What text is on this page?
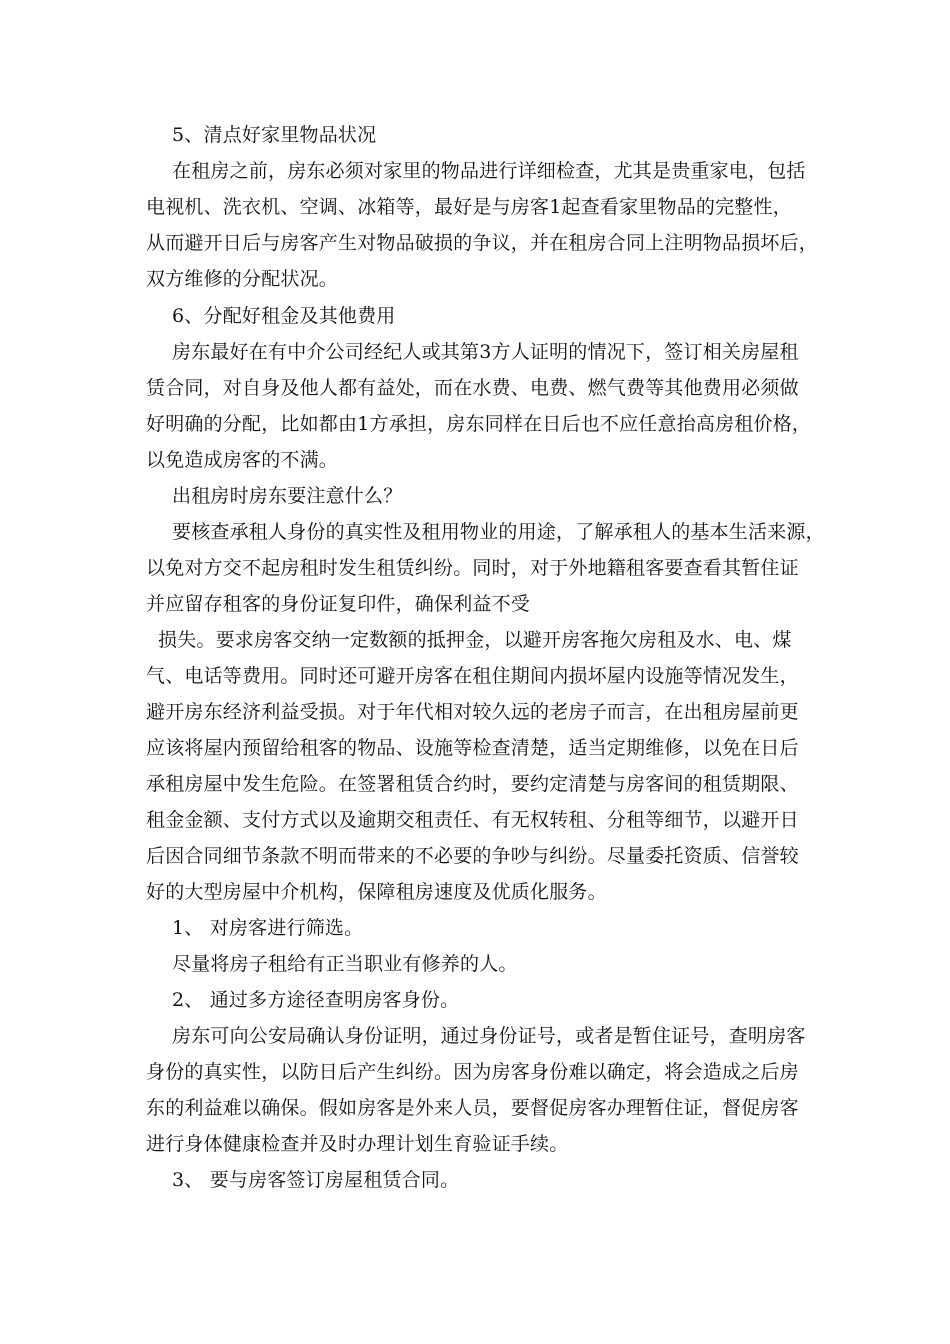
5、清点好家里物品状况
在租房之前，房东必须对家里的物品进行详细检查，尤其是贵重家电，包括
电视机、洗衣机、空调、冰箱等，最好是与房客1起查看家里物品的完整性，
从而避开日后与房客产生对物品破损的争议，并在租房合同上注明物品损坏后，
双方维修的分配状况。
6、分配好租金及其他费用
房东最好在有中介公司经纪人或其第3方人证明的情况下，签订相关房屋租
赁合同，对自身及他人都有益处，而在水费、电费、燃气费等其他费用必须做
好明确的分配，比如都由1方承担，房东同样在日后也不应任意抬高房租价格，
以免造成房客的不满。
出租房时房东要注意什么？
要核查承租人身份的真实性及租用物业的用途，了解承租人的基本生活来源，
以免对方交不起房租时发生租赁纠纷。同时，对于外地籍租客要查看其暂住证
并应留存租客的身份证复印件，确保利益不受
损失。要求房客交纳一定数额的抵押金，以避开房客拖欠房租及水、电、煤
气、电话等费用。同时还可避开房客在租住期间内损坏屋内设施等情况发生，
避开房东经济利益受损。对于年代相对较久远的老房子而言，在出租房屋前更
应该将屋内预留给租客的物品、设施等检查清楚，适当定期维修，以免在日后
承租房屋中发生危险。在签署租赁合约时，要约定清楚与房客间的租赁期限、
租金金额、支付方式以及逾期交租责任、有无权转租、分租等细节，以避开日
后因合同细节条款不明而带来的不必要的争吵与纠纷。尽量委托资质、信誉较
好的大型房屋中介机构，保障租房速度及优质化服务。
1、 对房客进行筛选。
尽量将房子租给有正当职业有修养的人。
2、 通过多方途径查明房客身份。
房东可向公安局确认身份证明，通过身份证号，或者是暂住证号，查明房客
身份的真实性，以防日后产生纠纷。因为房客身份难以确定，将会造成之后房
东的利益难以确保。假如房客是外来人员，要督促房客办理暂住证，督促房客
进行身体健康检查并及时办理计划生育验证手续。
3、 要与房客签订房屋租赁合同。
